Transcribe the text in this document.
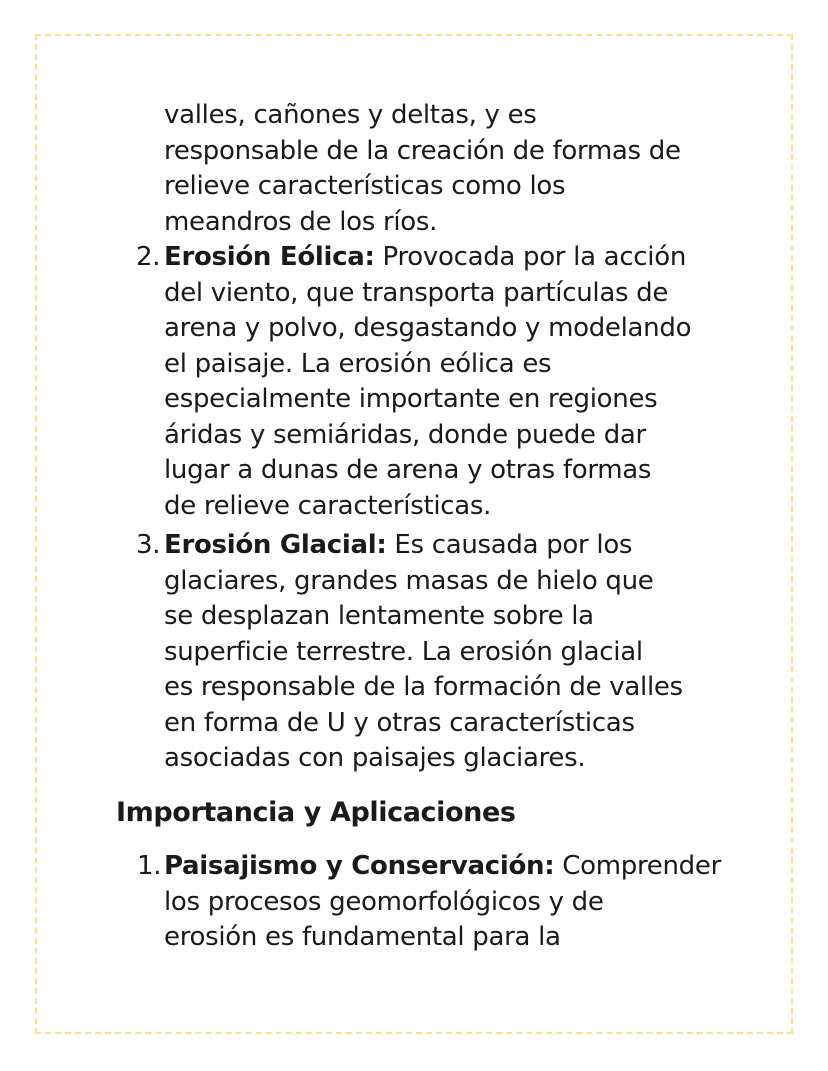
valles, cañones y deltas, y es
responsable de la creación de formas de
relieve características como los
meandros de los ríos.
2. Erosión Eólica: Provocada por la acción
del viento, que transporta partículas de
arena y polvo, desgastando y modelando
el paisaje. La erosión eólica es
especialmente importante en regiones
áridas y semiáridas, donde puede dar
lugar a dunas de arena y otras formas
de relieve características.
3. Erosión Glacial: Es causada por los
glaciares, grandes masas de hielo que
se desplazan lentamente sobre la
superficie terrestre. La erosión glacial
es responsable de la formación de valles
en forma de U y otras características
asociadas con paisajes glaciares.
Importancia y Aplicaciones
1. Paisajismo y Conservación: Comprender
los procesos geomorfológicos y de
erosión es fundamental para la
